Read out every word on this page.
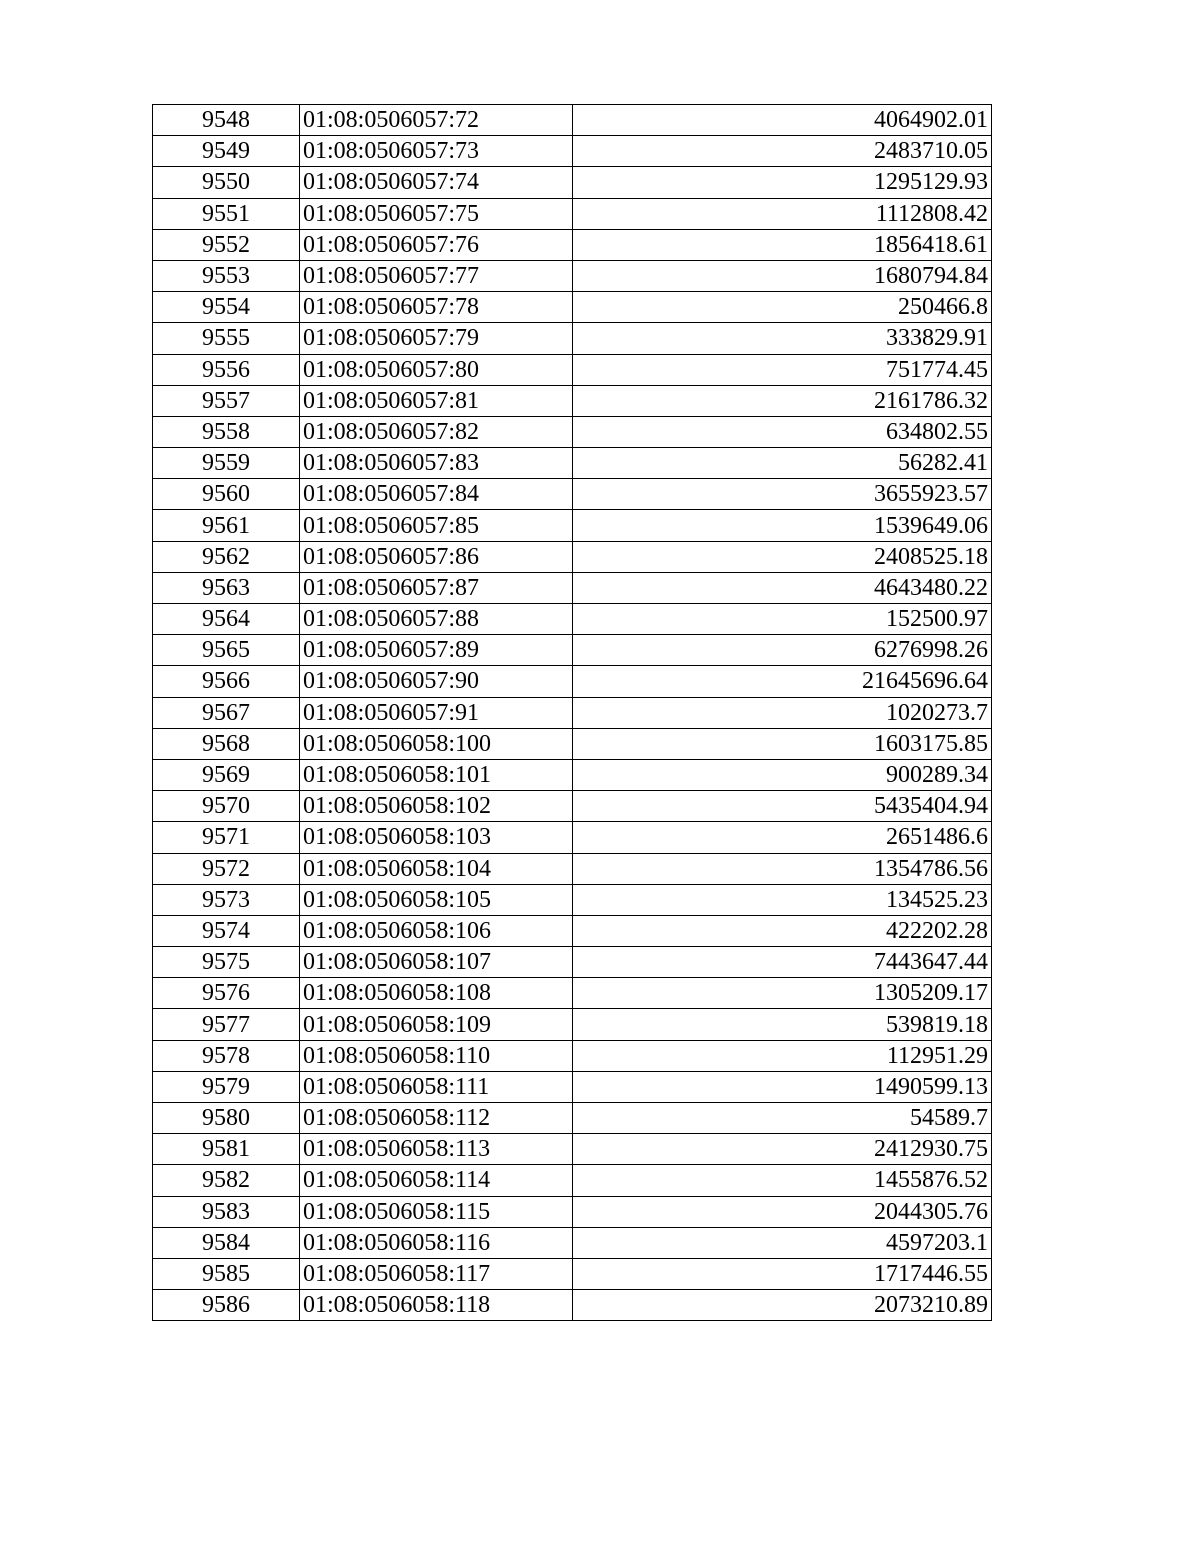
9548	01:08:0506057:72	4064902.01
9549	01:08:0506057:73	2483710.05
9550	01:08:0506057:74	1295129.93
9551	01:08:0506057:75	1112808.42
9552	01:08:0506057:76	1856418.61
9553	01:08:0506057:77	1680794.84
9554	01:08:0506057:78	250466.8
9555	01:08:0506057:79	333829.91
9556	01:08:0506057:80	751774.45
9557	01:08:0506057:81	2161786.32
9558	01:08:0506057:82	634802.55
9559	01:08:0506057:83	56282.41
9560	01:08:0506057:84	3655923.57
9561	01:08:0506057:85	1539649.06
9562	01:08:0506057:86	2408525.18
9563	01:08:0506057:87	4643480.22
9564	01:08:0506057:88	152500.97
9565	01:08:0506057:89	6276998.26
9566	01:08:0506057:90	21645696.64
9567	01:08:0506057:91	1020273.7
9568	01:08:0506058:100	1603175.85
9569	01:08:0506058:101	900289.34
9570	01:08:0506058:102	5435404.94
9571	01:08:0506058:103	2651486.6
9572	01:08:0506058:104	1354786.56
9573	01:08:0506058:105	134525.23
9574	01:08:0506058:106	422202.28
9575	01:08:0506058:107	7443647.44
9576	01:08:0506058:108	1305209.17
9577	01:08:0506058:109	539819.18
9578	01:08:0506058:110	112951.29
9579	01:08:0506058:111	1490599.13
9580	01:08:0506058:112	54589.7
9581	01:08:0506058:113	2412930.75
9582	01:08:0506058:114	1455876.52
9583	01:08:0506058:115	2044305.76
9584	01:08:0506058:116	4597203.1
9585	01:08:0506058:117	1717446.55
9586	01:08:0506058:118	2073210.89
